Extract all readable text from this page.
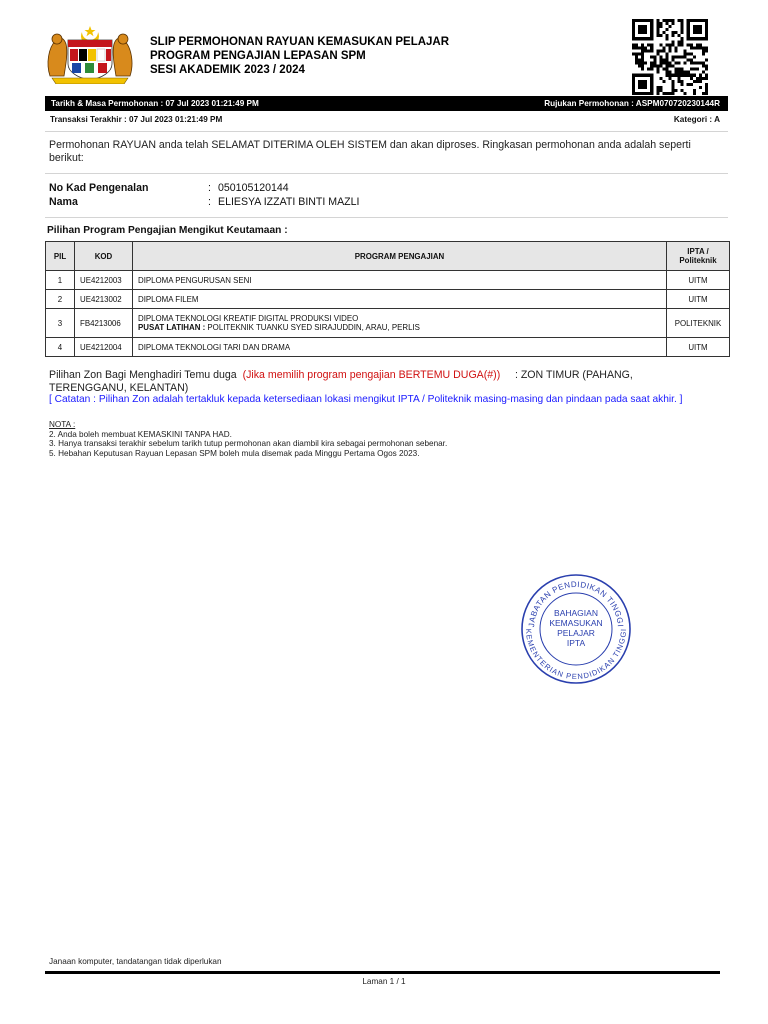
SLIP PERMOHONAN RAYUAN KEMASUKAN PELAJAR
PROGRAM PENGAJIAN LEPASAN SPM
SESI AKADEMIK 2023 / 2024
Tarikh & Masa Permohonan : 07 Jul 2023 01:21:49 PM	Rujukan Permohonan : ASPM070720230144R
Transaksi Terakhir : 07 Jul 2023 01:21:49 PM	Kategori : A
Permohonan RAYUAN anda telah SELAMAT DITERIMA OLEH SISTEM dan akan diproses. Ringkasan permohonan anda adalah seperti berikut:
No Kad Pengenalan	: 050105120144
Nama	: ELIESYA IZZATI BINTI MAZLI
Pilihan Program Pengajian Mengikut Keutamaan :
PIL	KOD	PROGRAM PENGAJIAN	IPTA /
Politeknik

1	UE4212003	DIPLOMA PENGURUSAN SENI	UITM
2	UE4213002	DIPLOMA FILEM	UITM
3	FB4213006	DIPLOMA TEKNOLOGI KREATIF DIGITAL PRODUKSI VIDEO
PUSAT LATIHAN : POLITEKNIK TUANKU SYED SIRAJUDDIN, ARAU, PERLIS	POLITEKNIK
4	UE4212004	DIPLOMA TEKNOLOGI TARI DAN DRAMA	UITM
Pilihan Zon Bagi Menghadiri Temu duga (Jika memilih program pengajian BERTEMU DUGA(#)) : ZON TIMUR (PAHANG,
TERENGGANU, KELANTAN)
[ Catatan : Pilihan Zon adalah tertakluk kepada ketersediaan lokasi mengikut IPTA / Politeknik masing-masing dan pindaan pada saat akhir. ]
NOTA :
2. Anda boleh membuat KEMASKINI TANPA HAD.
3. Hanya transaksi terakhir sebelum tarikh tutup permohonan akan diambil kira sebagai permohonan sebenar.
5. Hebahan Keputusan Rayuan Lepasan SPM boleh mula disemak pada Minggu Pertama Ogos 2023.
JABATAN PENDIDIKAN TINGGI
KEMENTERIAN PENDIDIKAN TINGGI
BAHAGIAN
KEMASUKAN
PELAJAR
IPTA
Janaan komputer, tandatangan tidak diperlukan
Laman 1 / 1
